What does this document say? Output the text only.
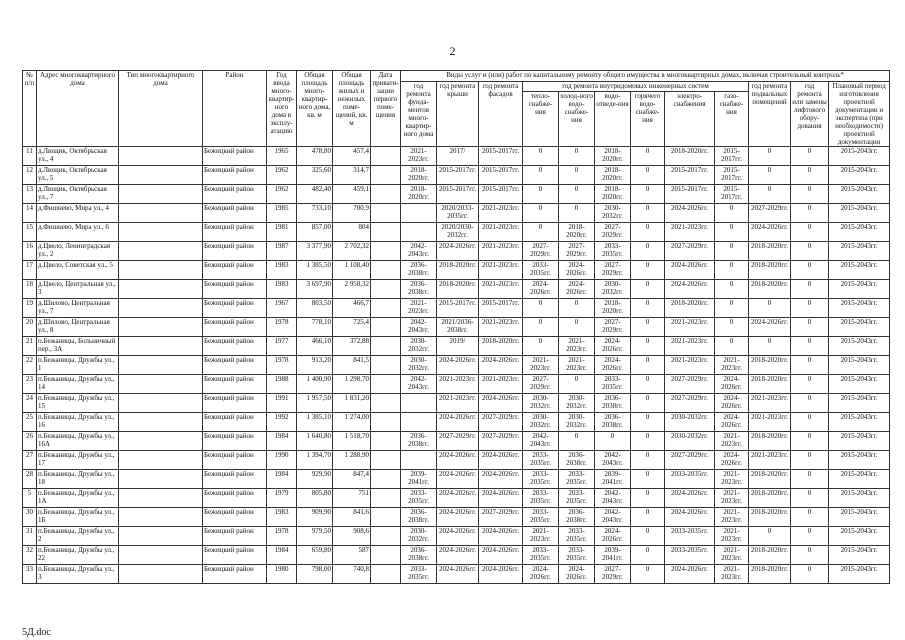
2
№ п/п	Адрес многоквартирного дома	Тип многоквартирного дома	Район	Год ввода много-квартир-ного дома в эксплу-атацию	Общая площадь много-квартир-ного дома, кв. м	Общая площадь жилых и нежилых поме-щений, кв. м	Дата привати-зации первого поме-щения	Виды услуг и (или) работ по капитальному ремонту общего имущества в многоквартирных домах, включая строительный контроль*											
								год ремонта фунда-ментов много-квартир-ного дома	год ремонта крыши	год ремонта фасадов	год ремонта внутридомовых инженерных систем						год ремонта подвальных помещений	год ремонта или замены лифтового обору-дования	Плановый период изготовления проектной документации и экспертиза (при необходимости) проектной документации
											тепло-снабже-ния	холод-ного водо-снабже-ния	водо-отведе-ния	горячего водо-снабже-ния	электро-снабжения	газо-снабже-ния			
11	д.Лющик, Октябрьская ул., 4		Бежицкий район	1965	478,80	457,4		2021-2023гг.	2017/	2015-2017гг.	0	0	2018-2020гг.	0	2018-2020гг.	2015-2017гг.	0	0	2015-2043гг.
12	д.Лющик, Октябрьская ул., 5		Бежицкий район	1962	325,60	314,7		2018-2020гг.	2015-2017гг.	2015-2017гг.	0	0	2018-2020гг.	0	2015-2017гг.	2015-2017гг.	0	0	2015-2043гг.
13	д.Лющик, Октябрьская ул., 7		Бежицкий район	1962	482,40	459,1		2018-2020гг.	2015-2017гг.	2015-2017гг.	0	0	2018-2020гг.	0	2015-2017гг.	2015-2017гг.	0	0	2015-2043гг.
14	д.Фишнево, Мира ул., 4		Бежицкий район	1985	733,10	700,9			2020/2033-2035гг.	2021-2023гг.	0	0	2030-2032гг.	0	2024-2026гг.	0	2027-2029гг.	0	2015-2043гг.
15	д.Фишнево, Мира ул., 6		Бежицкий район	1981	857,00	804			2020/2030-2032гг.	2021-2023гг.	0	2018-2020гг.	2027-2029гг.	0	2021-2023гг.	0	2024-2026гг.	0	2015-2043гг.
16	д.Цвело, Ленинградская ул., 2		Бежицкий район	1987	3 377,90	2 702,32		2042-2043гг.	2024-2026гг.	2021-2023гг.	2027-2029гг.	2027-2029гг.	2033-2035гг.	0	2027-2029гг.	0	2018-2020гг.	0	2015-2043гг.
17	д.Цвело, Советская ул., 5		Бежицкий район	1983	1 385,50	1 108,40		2036-2038гг.	2018-2020гг.	2021-2023гг.	2033-2035гг.	2024-2026гг.	2027-2029гг.	0	2024-2026гг.	0	2018-2020гг.	0	2015-2043гг.
18	д.Цвело, Центральная ул., 3		Бежицкий район	1983	3 697,90	2 958,32		2036-2038гг.	2018-2020гг.	2021-2023гг.	2024-2026гг.	2024-2026гг.	2030-2032гг.	0	2024-2026гг.	0	2018-2020гг.	0	2015-2043гг.
19	д.Шилово, Центральная ул., 7		Бежицкий район	1967	803,50	466,7		2021-2023гг.	2015-2017гг.	2015-2017гг.	0	0	2018-2020гг.	0	2018-2020гг.	0	0	0	2015-2043гг.
20	д.Шилово, Центральная ул., 8		Бежицкий район	1978	778,10	725,4		2042-2043гг.	2021/2036-2038гг.	2021-2023гг.	0	0	2027-2029гг.	0	2021-2023гг.	0	2024-2026гг.	0	2015-2043гг.
21	п.Бежаницы, Больничный пер., 3А		Бежицкий район	1977	466,10	372,88		2030-2032гг.	2019/	2018-2020гг.	0	2021-2023гг.	2024-2026гг.	0	2021-2023гг.	0	0	0	2015-2043гг.
22	п.Бежаницы, Дружбы ул., 1		Бежицкий район	1978	913,20	841,5		2030-2032гг.	2024-2026гг.	2024-2026гг.	2021-2023гг.	2021-2023гг.	2024-2026гг.	0	2021-2023гг.	2021-2023гг.	2018-2020гг.	0	2015-2043гг.
23	п.Бежаницы, Дружбы ул., 14		Бежицкий район	1988	1 400,90	1 298,70		2042-2043гг.	2021-2023гг.	2021-2023гг.	2027-2029гг.	0	2033-2035гг.	0	2027-2029гг.	2024-2026гг.	2018-2020гг.	0	2015-2043гг.
24	п.Бежаницы, Дружбы ул., 15		Бежицкий район	1991	1 957,50	1 831,20			2021-2023гг.	2024-2026гг.	2030-2032гг.	2030-2032гг.	2036-2038гг.	0	2027-2029гг.	2024-2026гг.	2021-2023гг.	0	2015-2043гг.
25	п.Бежаницы, Дружбы ул., 16		Бежицкий район	1992	1 385,10	1 274,00			2024-2026гг.	2027-2029гг.	2030-2032гг.	2030-2032гг.	2036-2038гг.	0	2030-2032гг.	2024-2026гг.	2021-2023гг.	0	2015-2043гг.
26	п.Бежаницы, Дружбы ул., 16А		Бежицкий район	1984	1 640,80	1 518,70		2036-2038гг.	2027-2029гг.	2027-2029гг.	2042-2043гг.	0	0	0	2030-2032гг.	2021-2023гг.	2018-2020гг.	0	2015-2043гг.
27	п.Бежаницы, Дружбы ул., 17		Бежицкий район	1990	1 394,70	1 288,90			2024-2026гг.	2024-2026гг.	2033-2035гг.	2036-2038гг.	2042-2043гг.	0	2027-2029гг.	2024-2026гг.	2021-2023гг.	0	2015-2043гг.
28	п.Бежаницы, Дружбы ул., 18		Бежицкий район	1984	929,90	847,4		2039-2041гг.	2024-2026гг.	2024-2026гг.	2033-2035гг.	2033-2035гг.	2039-2041гг.	0	2033-2035гг.	2021-2023гг.	2018-2020гг.	0	2015-2043гг.
5	п.Бежаницы, Дружбы ул., 1А		Бежицкий район	1979	805,80	751		2033-2035гг.	2024-2026гг.	2024-2026гг.	2033-2035гг.	2033-2035гг.	2042-2043гг.	0	2024-2026гг.	2021-2023гг.	2018-2020гг.	0	2015-2043гг.
30	п.Бежаницы, Дружбы ул., 1Б		Бежицкий район	1983	909,90	841,6		2036-2038гг.	2024-2026гг.	2027-2029гг.	2033-2035гг.	2036-2038гг.	2042-2043гг.	0	2024-2026гг.	2021-2023гг.	2018-2020гг.	0	2015-2043гг.
31	п.Бежаницы, Дружбы ул., 2		Бежицкий район	1978	979,50	908,6		2030-2032гг.	2024-2026гг.	2024-2026гг.	2021-2023гг.	2033-2035гг.	2024-2026гг.	0	2033-2035гг.	2021-2023гг.	0	0	2015-2043гг.
32	п.Бежаницы, Дружбы ул., 22		Бежицкий район	1984	659,80	587		2036-2038гг.	2024-2026гг.	2024-2026гг.	2033-2035гг.	2033-2035гг.	2039-2041гг.	0	2033-2035гг.	2021-2023гг.	2018-2020гг.	0	2015-2043гг.
33	п.Бежаницы, Дружбы ул., 3		Бежицкий район	1980	798,00	740,8		2033-2035гг.	2024-2026гг.	2024-2026гг.	2024-2026гг.	2024-2026гг.	2027-2029гг.	0	2024-2026гг.	2021-2023гг.	2018-2020гг.	0	2015-2043гг.
5Д.doc
